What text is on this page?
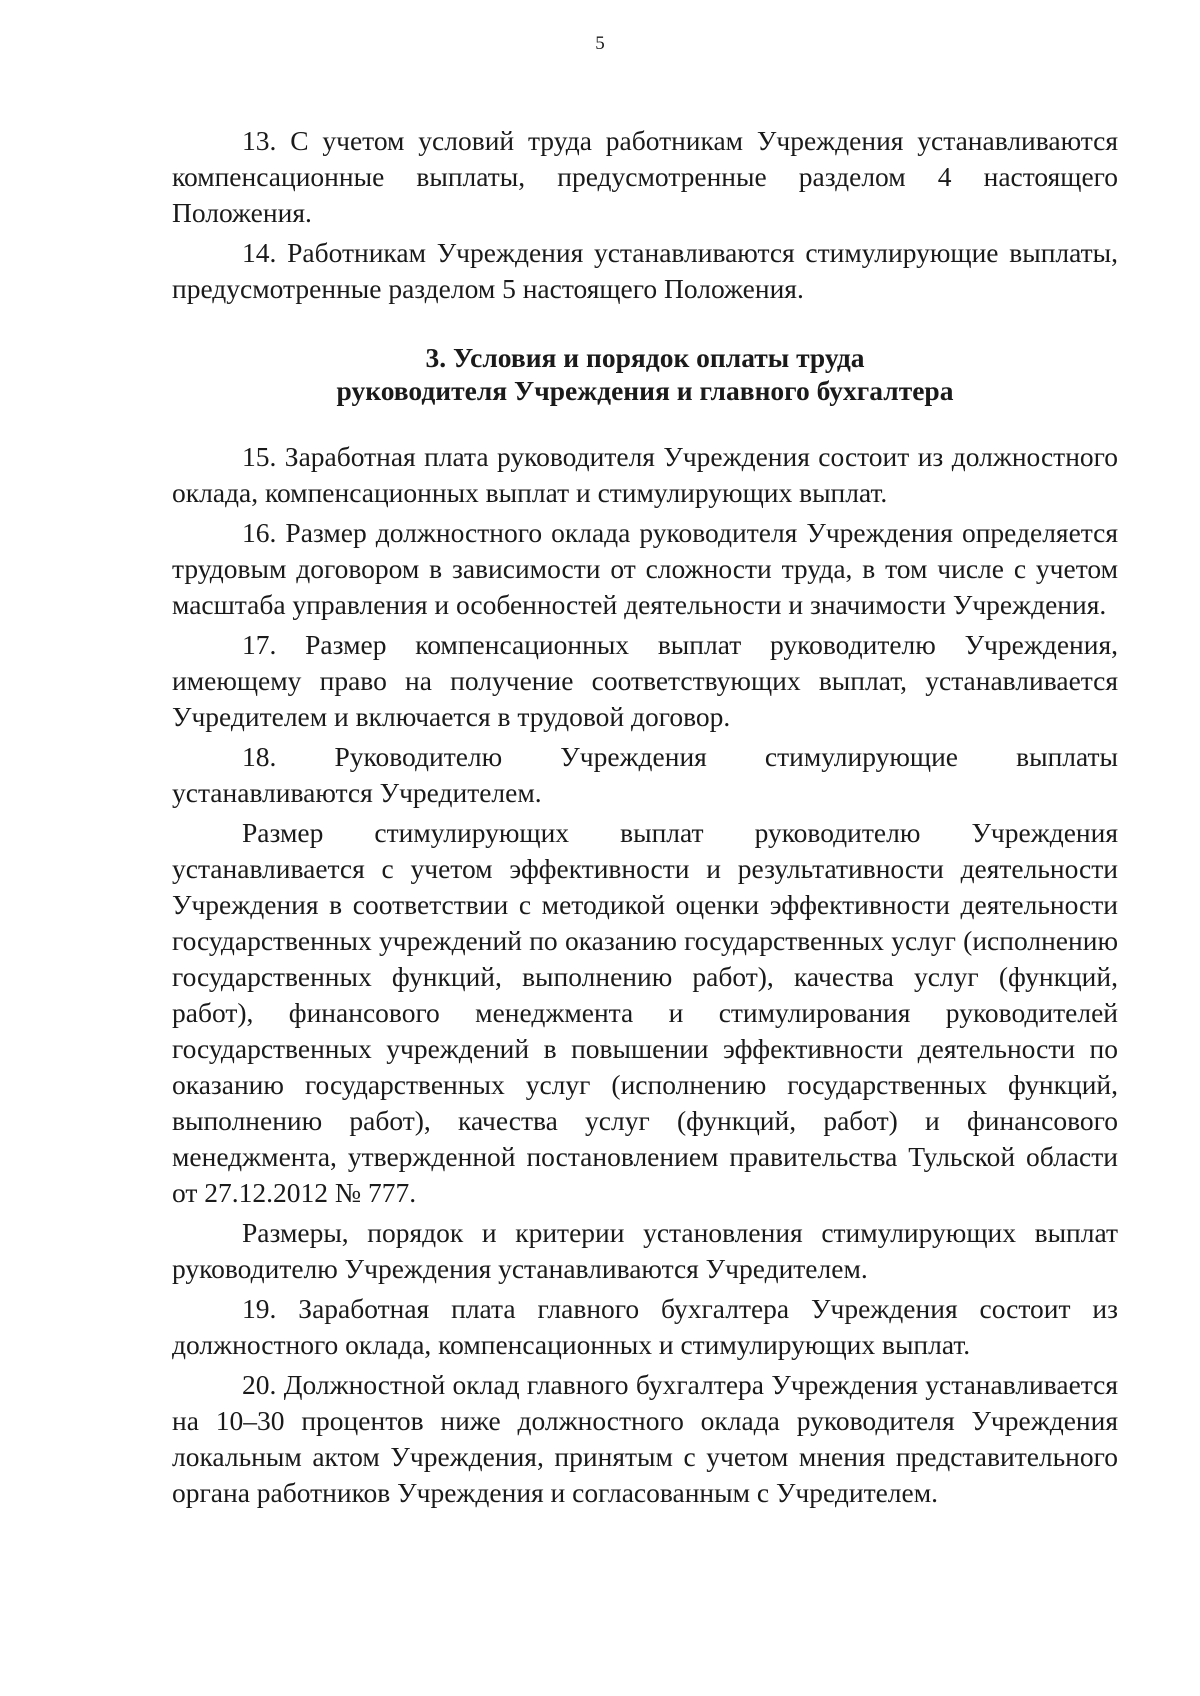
5

13. С учетом условий труда работникам Учреждения устанавливаются компенсационные выплаты, предусмотренные разделом 4 настоящего Положения.

14. Работникам Учреждения устанавливаются стимулирующие выплаты, предусмотренные разделом 5 настоящего Положения.

3. Условия и порядок оплаты труда
руководителя Учреждения и главного бухгалтера

15. Заработная плата руководителя Учреждения состоит из должностного оклада, компенсационных выплат и стимулирующих выплат.

16. Размер должностного оклада руководителя Учреждения определяется трудовым договором в зависимости от сложности труда, в том числе с учетом масштаба управления и особенностей деятельности и значимости Учреждения.

17. Размер компенсационных выплат руководителю Учреждения, имеющему право на получение соответствующих выплат, устанавливается Учредителем и включается в трудовой договор.

18. Руководителю Учреждения стимулирующие выплаты устанавливаются Учредителем.

Размер стимулирующих выплат руководителю Учреждения устанавливается с учетом эффективности и результативности деятельности Учреждения в соответствии с методикой оценки эффективности деятельности государственных учреждений по оказанию государственных услуг (исполнению государственных функций, выполнению работ), качества услуг (функций, работ), финансового менеджмента и стимулирования руководителей государственных учреждений в повышении эффективности деятельности по оказанию государственных услуг (исполнению государственных функций, выполнению работ), качества услуг (функций, работ) и финансового менеджмента, утвержденной постановлением правительства Тульской области от 27.12.2012 № 777.

Размеры, порядок и критерии установления стимулирующих выплат руководителю Учреждения устанавливаются Учредителем.

19. Заработная плата главного бухгалтера Учреждения состоит из должностного оклада, компенсационных и стимулирующих выплат.

20. Должностной оклад главного бухгалтера Учреждения устанавливается на 10–30 процентов ниже должностного оклада руководителя Учреждения локальным актом Учреждения, принятым с учетом мнения представительного органа работников Учреждения и согласованным с Учредителем.
